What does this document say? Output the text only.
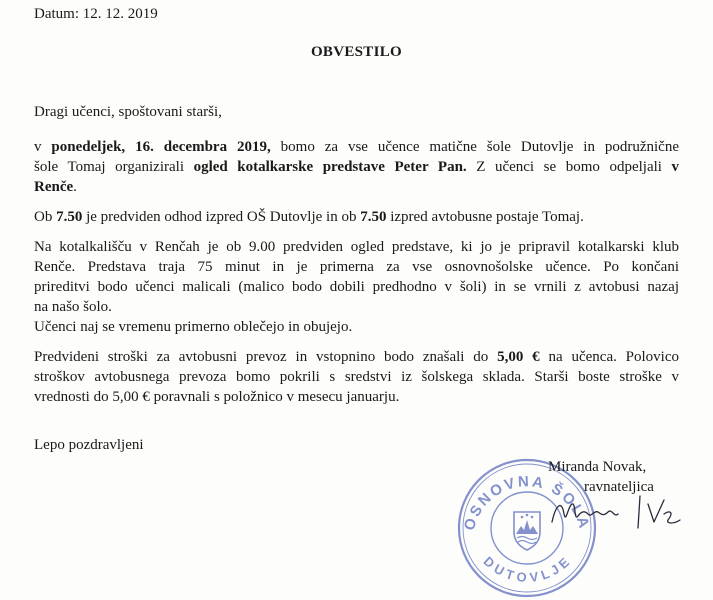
Datum: 12. 12. 2019
OBVESTILO
Dragi učenci, spoštovani starši,
v ponedeljek, 16. decembra 2019, bomo za vse učence matične šole Dutovlje in podružnične
šole Tomaj organizirali ogled kotalkarske predstave Peter Pan. Z učenci se bomo odpeljali v
Renče.
Ob 7.50 je predviden odhod izpred OŠ Dutovlje in ob 7.50 izpred avtobusne postaje Tomaj.
Na kotalkališču v Renčah je ob 9.00 predviden ogled predstave, ki jo je pripravil kotalkarski klub
Renče. Predstava traja 75 minut in je primerna za vse osnovnošolske učence. Po končani
prireditvi bodo učenci malicali (malico bodo dobili predhodno v šoli) in se vrnili z avtobusi nazaj
na našo šolo.
Učenci naj se vremenu primerno oblečejo in obujejo.
Predvideni stroški za avtobusni prevoz in vstopnino bodo znašali do 5,00 € na učenca. Polovico
stroškov avtobusnega prevoza bomo pokrili s sredstvi iz šolskega sklada. Starši boste stroške v
vrednosti do 5,00 € poravnali s položnico v mesecu januarju.
Lepo pozdravljeni
OSNOVNA ŠOLA
DUTOVLJE
Miranda Novak,
ravnateljica
